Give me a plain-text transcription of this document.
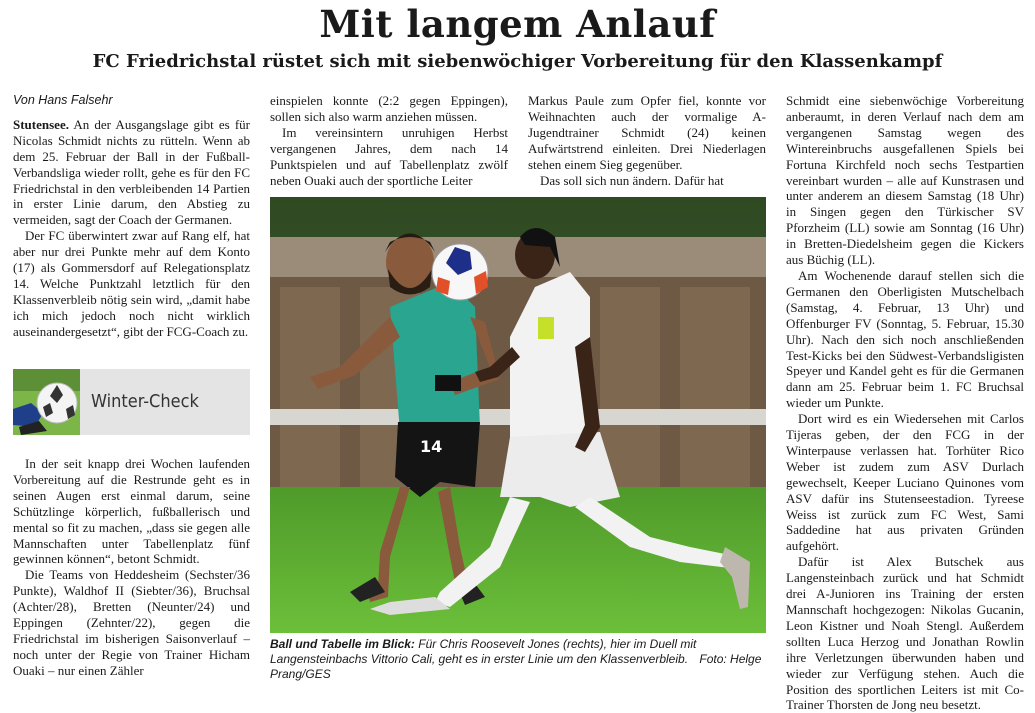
Mit langem Anlauf
FC Friedrichstal rüstet sich mit siebenwöchiger Vorbereitung für den Klassenkampf

Von Hans Falsehr

Stutensee. An der Ausgangslage gibt es für Nicolas Schmidt nichts zu rütteln. Wenn ab dem 25. Februar der Ball in der Fußball-Verbandsliga wieder rollt, gehe es für den FC Friedrichstal in den verbleibenden 14 Partien in erster Linie darum, den Abstieg zu vermeiden, sagt der Coach der Germanen.

Der FC überwintert zwar auf Rang elf, hat aber nur drei Punkte mehr auf dem Konto (17) als Gommersdorf auf Relegationsplatz 14. Welche Punktzahl letztlich für den Klassenverbleib nötig sein wird, „damit habe ich mich jedoch noch nicht wirklich auseinandergesetzt“, gibt der FCG-Coach zu.

Winter-Check

In der seit knapp drei Wochen laufenden Vorbereitung auf die Restrunde geht es in seinen Augen erst einmal darum, seine Schützlinge körperlich, fußballerisch und mental so fit zu machen, „dass sie gegen alle Mannschaften unter Tabellenplatz fünf gewinnen können“, betont Schmidt.

Die Teams von Heddesheim (Sechster/36 Punkte), Waldhof II (Siebter/36), Bruchsal (Achter/28), Bretten (Neunter/24) und Eppingen (Zehnter/22), gegen die Friedrichstal im bisherigen Saisonverlauf – noch unter der Regie von Trainer Hicham Ouaki – nur einen Zähler

einspielen konnte (2:2 gegen Eppingen), sollen sich also warm anziehen müssen.

Im vereinsintern unruhigen Herbst vergangenen Jahres, dem nach 14 Punktspielen und auf Tabellenplatz zwölf neben Ouaki auch der sportliche Leiter

Markus Paule zum Opfer fiel, konnte vor Weihnachten auch der vormalige A-Jugendtrainer Schmidt (24) keinen Aufwärtstrend einleiten. Drei Niederlagen stehen einem Sieg gegenüber.

Das soll sich nun ändern. Dafür hat

Schmidt eine siebenwöchige Vorbereitung anberaumt, in deren Verlauf nach dem am vergangenen Samstag wegen des Wintereinbruchs ausgefallenen Spiels bei Fortuna Kirchfeld noch sechs Testpartien vereinbart wurden – alle auf Kunstrasen und unter anderem an diesem Samstag (18 Uhr) in Singen gegen den Türkischer SV Pforzheim (LL) sowie am Sonntag (16 Uhr) in Bretten-Diedelsheim gegen die Kickers aus Büchig (LL).

Am Wochenende darauf stellen sich die Germanen den Oberligisten Mutschelbach (Samstag, 4. Februar, 13 Uhr) und Offenburger FV (Sonntag, 5. Februar, 15.30 Uhr). Nach den sich noch anschließenden Test-Kicks bei den Südwest-Verbandsligisten Speyer und Kandel geht es für die Germanen dann am 25. Februar beim 1. FC Bruchsal wieder um Punkte.

Dort wird es ein Wiedersehen mit Carlos Tijeras geben, der den FCG in der Winterpause verlassen hat. Torhüter Rico Weber ist zudem zum ASV Durlach gewechselt, Keeper Luciano Quinones vom ASV dafür ins Stutenseestadion. Tyreese Weiss ist zurück zum FC West, Sami Saddedine hat aus privaten Gründen aufgehört.

Dafür ist Alex Butschek aus Langensteinbach zurück und hat Schmidt drei A-Junioren ins Training der ersten Mannschaft hochgezogen: Nikolas Gucanin, Leon Kistner und Noah Stengl. Außerdem sollten Luca Herzog und Jonathan Rowlin ihre Verletzungen überwunden haben und wieder zur Verfügung stehen. Auch die Position des sportlichen Leiters ist mit Co-Trainer Thorsten de Jong neu besetzt.

14

Ball und Tabelle im Blick: Für Chris Roosevelt Jones (rechts), hier im Duell mit Langensteinbachs Vittorio Cali, geht es in erster Linie um den Klassenverbleib. Foto: Helge Prang/GES
